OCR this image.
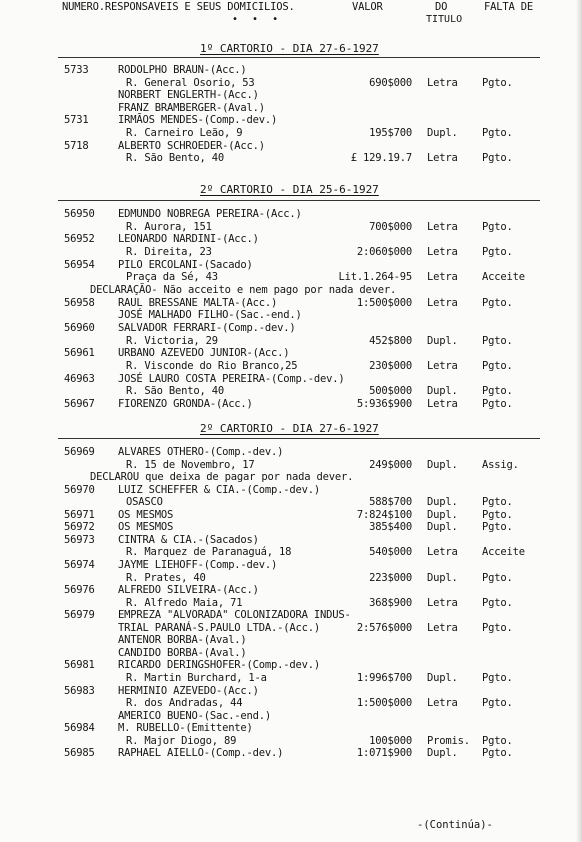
NUMERO.RESPONSAVEIS E SEUS DOMICILIOS.	VALOR	DO	FALTA DE
TITULO
• • •
1º CARTORIO - DIA 27-6-1927
5733	RODOLPHO BRAUN-(Acc.)
R. General Osorio, 53	690$000 Letra Pgto.
NORBERT ENGLERTH-(Acc.)
FRANZ BRAMBERGER-(Aval.)
5731	IRMÃOS MENDES-(Comp.-dev.)
R. Carneiro Leão, 9	195$700 Dupl. Pgto.
5718	ALBERTO SCHROEDER-(Acc.)
R. São Bento, 40	£ 129.19.7 Letra Pgto.
2º CARTORIO - DIA 25-6-1927
56950 EDMUNDO NOBREGA PEREIRA-(Acc.)
R. Aurora, 151	700$000 Letra Pgto.
56952 LEONARDO NARDINI-(Acc.)
R. Direita, 23	2:060$000 Letra Pgto.
56954 PILO ERCOLANI-(Sacado)
Praça da Sé, 43	Lit.1.264-95 Letra Acceite
DECLARAÇÃO- Não acceito e nem pago por nada dever.
56958 RAUL BRESSANE MALTA-(Acc.)	1:500$000 Letra Pgto.
JOSÉ MALHADO FILHO-(Sac.-end.)
56960 SALVADOR FERRARI-(Comp.-dev.)
R. Victoria, 29	452$800 Dupl. Pgto.
56961 URBANO AZEVEDO JUNIOR-(Acc.)
R. Visconde do Rio Branco,25	230$000 Letra Pgto.
46963 JOSÉ LAURO COSTA PEREIRA-(Comp.-dev.)
R. São Bento, 40	500$000 Dupl. Pgto.
56967 FIORENZO GRONDA-(Acc.)	5:936$900 Letra Pgto.
2º CARTORIO - DIA 27-6-1927
56969 ALVARES OTHERO-(Comp.-dev.)
R. 15 de Novembro, 17	249$000 Dupl. Assig.
DECLAROU que deixa de pagar por nada dever.
56970 LUIZ SCHEFFER & CIA.-(Comp.-dev.)
OSASCO	588$700 Dupl. Pgto.
56971 OS MESMOS	7:824$100 Dupl. Pgto.
56972 OS MESMOS	385$400 Dupl. Pgto.
56973 CINTRA & CIA.-(Sacados)
R. Marquez de Paranaguá, 18	540$000 Letra Acceite
56974 JAYME LIEHOFF-(Comp.-dev.)
R. Prates, 40	223$000 Dupl. Pgto.
56976 ALFREDO SILVEIRA-(Acc.)
R. Alfredo Maia, 71	368$900 Letra Pgto.
56979 EMPREZA "ALVORADA" COLONIZADORA INDUS-
TRIAL PARANÁ-S.PAULO LTDA.-(Acc.)	2:576$000 Letra Pgto.
ANTENOR BORBA-(Aval.)
CANDIDO BORBA-(Aval.)
56981 RICARDO DERINGSHOFER-(Comp.-dev.)
R. Martin Burchard, 1-a	1:996$700 Dupl. Pgto.
56983 HERMINIO AZEVEDO-(Acc.)
R. dos Andradas, 44	1:500$000 Letra Pgto.
AMERICO BUENO-(Sac.-end.)
56984 M. RUBELLO-(Emittente)
R. Major Diogo, 89	100$000 Promis. Pgto.
56985 RAPHAEL AIELLO-(Comp.-dev.)	1:071$900 Dupl. Pgto.
-(Continúa)-
